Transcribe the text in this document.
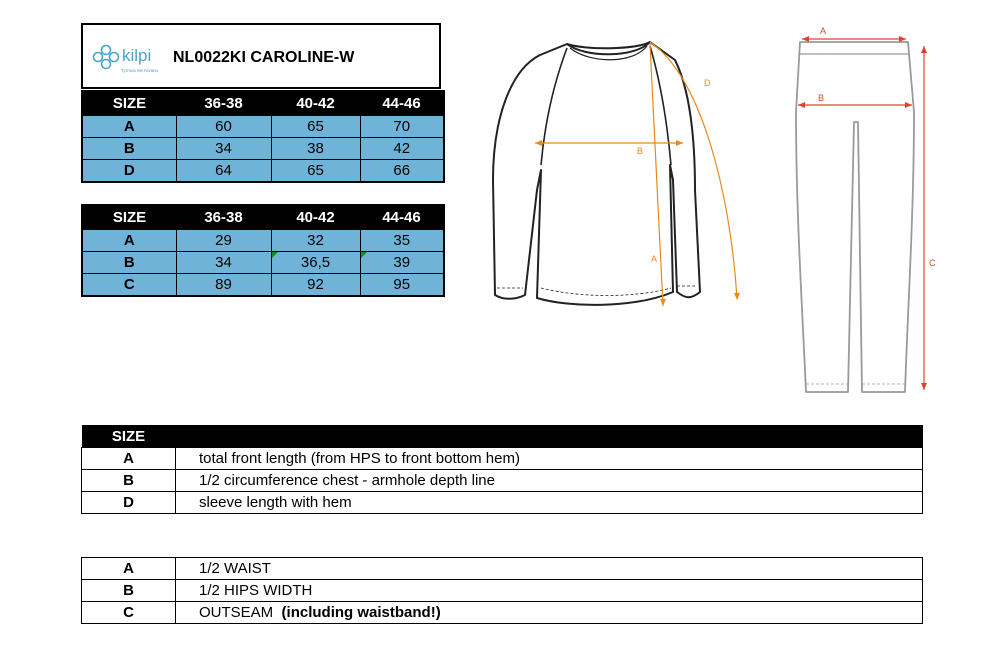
kilpi
Tyrmus ele Kivanu
NL0022KI CAROLINE-W
SIZE	36-38	40-42	44-46
A	60	65	70
B	34	38	42
D	64	65	66
SIZE	36-38	40-42	44-46
A	29	32	35
B	34	36,5	39
C	89	92	95
B
A
D
A
B
C
SIZE	
A	total front length (from HPS to front bottom hem)
B	1/2 circumference chest - armhole depth line
D	sleeve length with hem
A	1/2 WAIST
B	1/2 HIPS WIDTH
C	OUTSEAM (including waistband!)
